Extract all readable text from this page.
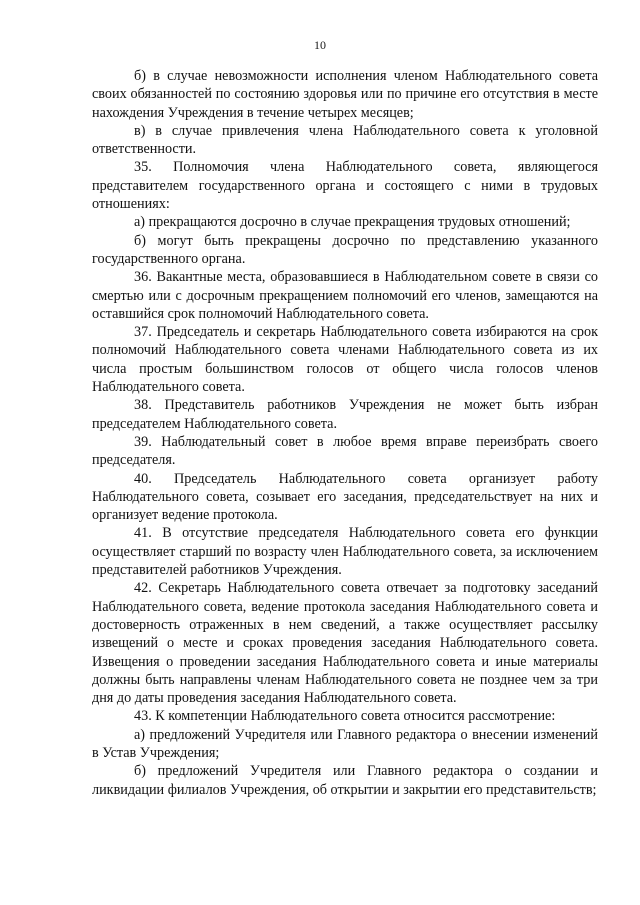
10

б) в случае невозможности исполнения членом Наблюдательного совета своих обязанностей по состоянию здоровья или по причине его отсутствия в месте нахождения Учреждения в течение четырех месяцев;

в) в случае привлечения члена Наблюдательного совета к уголовной ответственности.

35. Полномочия члена Наблюдательного совета, являющегося представителем государственного органа и состоящего с ними в трудовых отношениях:

а) прекращаются досрочно в случае прекращения трудовых отношений;

б) могут быть прекращены досрочно по представлению указанного государственного органа.

36. Вакантные места, образовавшиеся в Наблюдательном совете в связи со смертью или с досрочным прекращением полномочий его членов, замещаются на оставшийся срок полномочий Наблюдательного совета.

37. Председатель и секретарь Наблюдательного совета избираются на срок полномочий Наблюдательного совета членами Наблюдательного совета из их числа простым большинством голосов от общего числа голосов членов Наблюдательного совета.

38. Представитель работников Учреждения не может быть избран председателем Наблюдательного совета.

39. Наблюдательный совет в любое время вправе переизбрать своего председателя.

40. Председатель Наблюдательного совета организует работу Наблюдательного совета, созывает его заседания, председательствует на них и организует ведение протокола.

41. В отсутствие председателя Наблюдательного совета его функции осуществляет старший по возрасту член Наблюдательного совета, за исключением представителей работников Учреждения.

42. Секретарь Наблюдательного совета отвечает за подготовку заседаний Наблюдательного совета, ведение протокола заседания Наблюдательного совета и достоверность отраженных в нем сведений, а также осуществляет рассылку извещений о месте и сроках проведения заседания Наблюдательного совета. Извещения о проведении заседания Наблюдательного совета и иные материалы должны быть направлены членам Наблюдательного совета не позднее чем за три дня до даты проведения заседания Наблюдательного совета.

43. К компетенции Наблюдательного совета относится рассмотрение:

а) предложений Учредителя или Главного редактора о внесении изменений в Устав Учреждения;

б) предложений Учредителя или Главного редактора о создании и ликвидации филиалов Учреждения, об открытии и закрытии его представительств;
